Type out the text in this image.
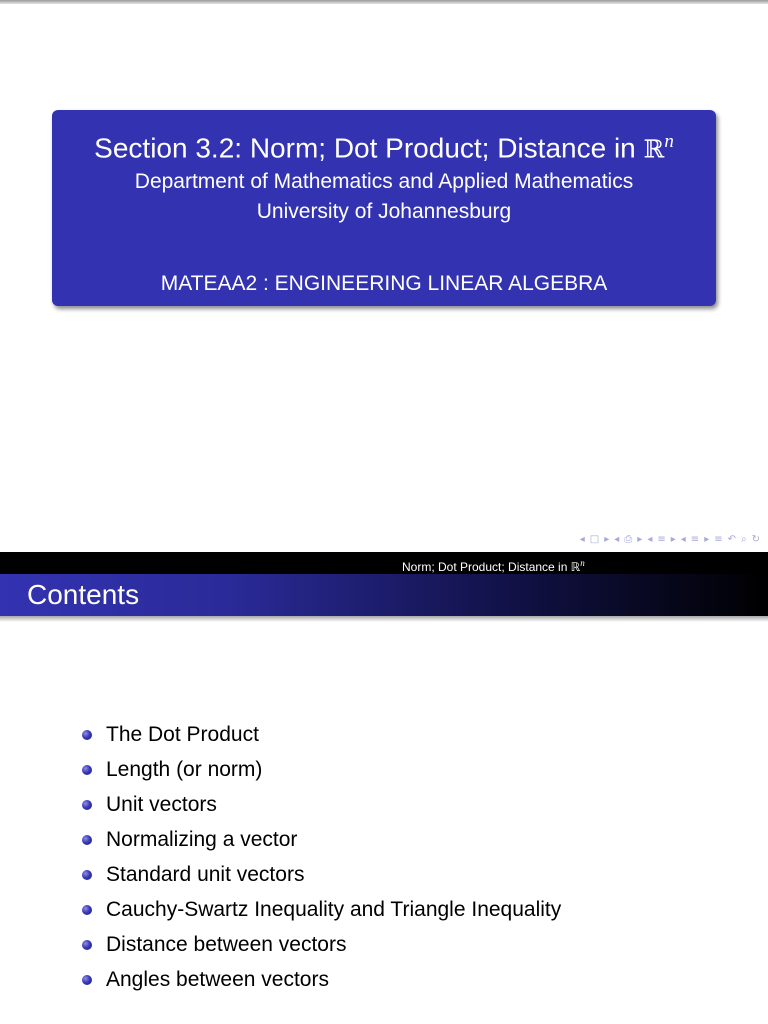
Section 3.2: Norm; Dot Product; Distance in ℝ$^n$
Department of Mathematics and Applied Mathematics
University of Johannesburg
MATEAA2 : ENGINEERING LINEAR ALGEBRA
◂ □ ▸ ◂ ⎙ ▸ ◂ ≡ ▸ ◂ ≡ ▸ ≡ ↶ ⌕ ↻
Norm; Dot Product; Distance in ℝ$^n$
Contents
The Dot Product
Length (or norm)
Unit vectors
Normalizing a vector
Standard unit vectors
Cauchy-Swartz Inequality and Triangle Inequality
Distance between vectors
Angles between vectors
